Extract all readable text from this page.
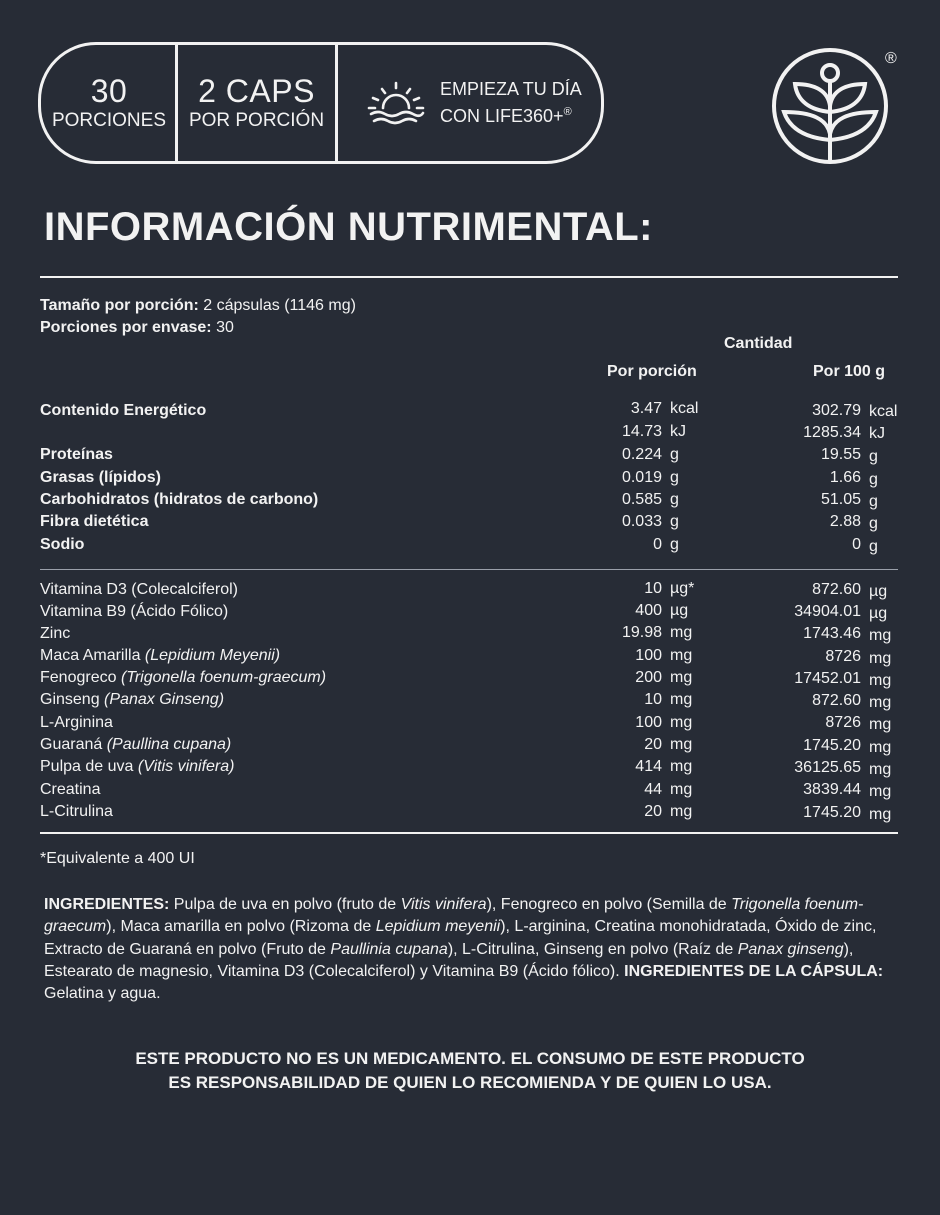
30
PORCIONES
2 CAPS
POR PORCIÓN
EMPIEZA TU DÍA
CON LIFE360+®
®
INFORMACIÓN NUTRIMENTAL:
Tamaño por porción: 2 cápsulas (1146 mg)
Porciones por envase: 30
Cantidad
Por porción	Por 100 g
Contenido Energético	3.47 kcal	302.79 kcal
14.73 kJ	1285.34 kJ
Proteínas	0.224 g	19.55 g
Grasas (lípidos)	0.019 g	1.66 g
Carbohidratos (hidratos de carbono)	0.585 g	51.05 g
Fibra dietética	0.033 g	2.88 g
Sodio	0 g	0 g
Vitamina D3 (Colecalciferol)	10 µg*	872.60 µg
Vitamina B9 (Ácido Fólico)	400 µg	34904.01 µg
Zinc	19.98 mg	1743.46 mg
Maca Amarilla (Lepidium Meyenii)	100 mg	8726 mg
Fenogreco (Trigonella foenum-graecum)	200 mg	17452.01 mg
Ginseng (Panax Ginseng)	10 mg	872.60 mg
L-Arginina	100 mg	8726 mg
Guaraná (Paullina cupana)	20 mg	1745.20 mg
Pulpa de uva (Vitis vinifera)	414 mg	36125.65 mg
Creatina	44 mg	3839.44 mg
L-Citrulina	20 mg	1745.20 mg
*Equivalente a 400 UI
INGREDIENTES: Pulpa de uva en polvo (fruto de Vitis vinifera), Fenogreco en polvo (Semilla de Trigonella foenum-graecum), Maca amarilla en polvo (Rizoma de Lepidium meyenii), L-arginina, Creatina monohidratada, Óxido de zinc, Extracto de Guaraná en polvo (Fruto de Paullinia cupana), L-Citrulina, Ginseng en polvo (Raíz de Panax ginseng), Estearato de magnesio, Vitamina D3 (Colecalciferol) y Vitamina B9 (Ácido fólico). INGREDIENTES DE LA CÁPSULA: Gelatina y agua.
ESTE PRODUCTO NO ES UN MEDICAMENTO. EL CONSUMO DE ESTE PRODUCTO
ES RESPONSABILIDAD DE QUIEN LO RECOMIENDA Y DE QUIEN LO USA.
